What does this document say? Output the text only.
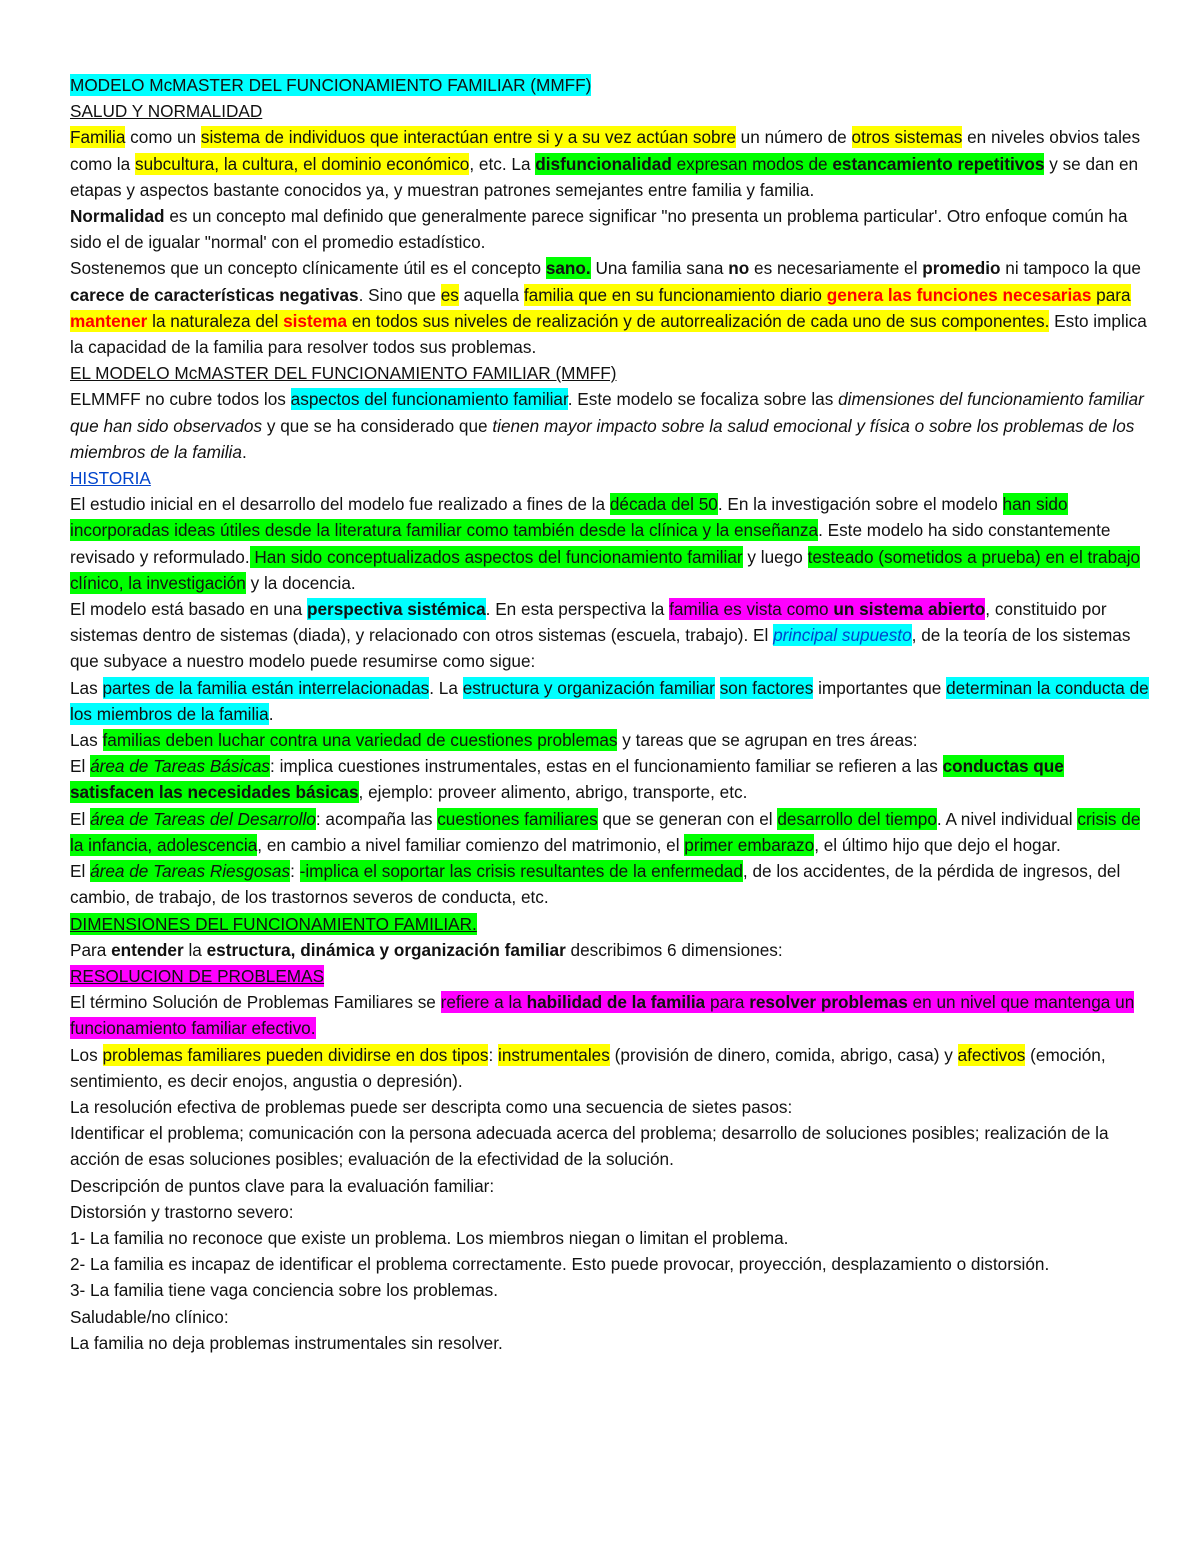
MODELO McMASTER DEL FUNCIONAMIENTO FAMILIAR (MMFF)

SALUD Y NORMALIDAD

Familia como un sistema de individuos que interactúan entre si y a su vez actúan sobre un número de otros sistemas en niveles obvios tales como la subcultura, la cultura, el dominio económico, etc. La disfuncionalidad expresan modos de estancamiento repetitivos y se dan en etapas y aspectos bastante conocidos ya, y muestran patrones semejantes entre familia y familia.

Normalidad es un concepto mal definido que generalmente parece significar "no presenta un problema particular'. Otro enfoque común ha sido el de igualar "normal' con el promedio estadístico.

Sostenemos que un concepto clínicamente útil es el concepto sano. Una familia sana no es necesariamente el promedio ni tampoco la que carece de características negativas. Sino que es aquella familia que en su funcionamiento diario genera las funciones necesarias para mantener la naturaleza del sistema en todos sus niveles de realización y de autorrealización de cada uno de sus componentes. Esto implica la capacidad de la familia para resolver todos sus problemas.

EL MODELO McMASTER DEL FUNCIONAMIENTO FAMILIAR (MMFF)

ELMMFF no cubre todos los aspectos del funcionamiento familiar. Este modelo se focaliza sobre las dimensiones del funcionamiento familiar que han sido observados y que se ha considerado que tienen mayor impacto sobre la salud emocional y física o sobre los problemas de los miembros de la familia.

HISTORIA

El estudio inicial en el desarrollo del modelo fue realizado a fines de la década del 50. En la investigación sobre el modelo han sido incorporadas ideas útiles desde la literatura familiar como también desde la clínica y la enseñanza. Este modelo ha sido constantemente revisado y reformulado. Han sido conceptualizados aspectos del funcionamiento familiar y luego testeado (sometidos a prueba) en el trabajo clínico, la investigación y la docencia.

El modelo está basado en una perspectiva sistémica. En esta perspectiva la familia es vista como un sistema abierto, constituido por sistemas dentro de sistemas (diada), y relacionado con otros sistemas (escuela, trabajo). El principal supuesto, de la teoría de los sistemas que subyace a nuestro modelo puede resumirse como sigue:

Las partes de la familia están interrelacionadas. La estructura y organización familiar son factores importantes que determinan la conducta de los miembros de la familia.

Las familias deben luchar contra una variedad de cuestiones problemas y tareas que se agrupan en tres áreas:

El área de Tareas Básicas: implica cuestiones instrumentales, estas en el funcionamiento familiar se refieren a las conductas que satisfacen las necesidades básicas, ejemplo: proveer alimento, abrigo, transporte, etc.

El área de Tareas del Desarrollo: acompaña las cuestiones familiares que se generan con el desarrollo del tiempo. A nivel individual crisis de la infancia, adolescencia, en cambio a nivel familiar comienzo del matrimonio, el primer embarazo, el último hijo que dejo el hogar.

El área de Tareas Riesgosas: -implica el soportar las crisis resultantes de la enfermedad, de los accidentes, de la pérdida de ingresos, del cambio, de trabajo, de los trastornos severos de conducta, etc.

DIMENSIONES DEL FUNCIONAMIENTO FAMILIAR.

Para entender la estructura, dinámica y organización familiar describimos 6 dimensiones:

RESOLUCION DE PROBLEMAS

El término Solución de Problemas Familiares se refiere a la habilidad de la familia para resolver problemas en un nivel que mantenga un funcionamiento familiar efectivo.

Los problemas familiares pueden dividirse en dos tipos: instrumentales (provisión de dinero, comida, abrigo, casa) y afectivos (emoción, sentimiento, es decir enojos, angustia o depresión).

La resolución efectiva de problemas puede ser descripta como una secuencia de sietes pasos:

Identificar el problema; comunicación con la persona adecuada acerca del problema; desarrollo de soluciones posibles; realización de la acción de esas soluciones posibles; evaluación de la efectividad de la solución.

Descripción de puntos clave para la evaluación familiar:

Distorsión y trastorno severo:

1- La familia no reconoce que existe un problema. Los miembros niegan o limitan el problema.

2- La familia es incapaz de identificar el problema correctamente. Esto puede provocar, proyección, desplazamiento o distorsión.

3- La familia tiene vaga conciencia sobre los problemas.

Saludable/no clínico:

La familia no deja problemas instrumentales sin resolver.
